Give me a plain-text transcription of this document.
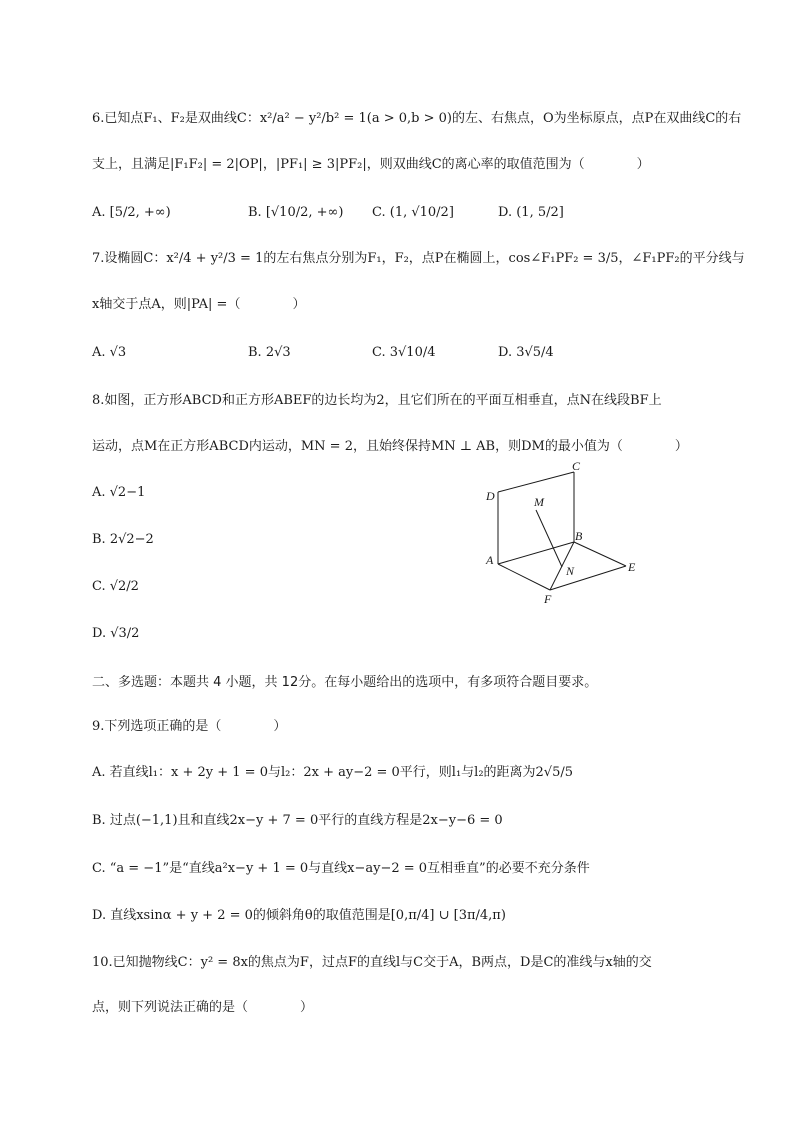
6.已知点F₁、F₂是双曲线C：x²/a² − y²/b² = 1(a > 0,b > 0)的左、右焦点，O为坐标原点，点P在双曲线C的右
支上，且满足|F₁F₂| = 2|OP|，|PF₁| ≥ 3|PF₂|，则双曲线C的离心率的取值范围为（　　　　）
A. [5/2, +∞)	B. [√10/2, +∞) C. (1, √10/2]	D. (1, 5/2]
7.设椭圆C：x²/4 + y²/3 = 1的左右焦点分别为F₁，F₂，点P在椭圆上，cos∠F₁PF₂ = 3/5，∠F₁PF₂的平分线与
x轴交于点A，则|PA| =（　　　　）
A. √3	B. 2√3	C. 3√10/4	D. 3√5/4
8.如图，正方形ABCD和正方形ABEF的边长均为2，且它们所在的平面互相垂直，点N在线段BF上
运动，点M在正方形ABCD内运动，MN = 2，且始终保持MN ⊥ AB，则DM的最小值为（　　　　）
A. √2−1
B. 2√2−2
C. √2/2
D. √3/2
C
D	M
B
A
N	E
F
二、多选题：本题共 4 小题，共 12分。在每小题给出的选项中，有多项符合题目要求。
9.下列选项正确的是（　　　　）
A. 若直线l₁：x + 2y + 1 = 0与l₂：2x + ay−2 = 0平行，则l₁与l₂的距离为2√5/5
B. 过点(−1,1)且和直线2x−y + 7 = 0平行的直线方程是2x−y−6 = 0
C. “a = −1”是“直线a²x−y + 1 = 0与直线x−ay−2 = 0互相垂直”的必要不充分条件
D. 直线xsinα + y + 2 = 0的倾斜角θ的取值范围是[0,π/4] ∪ [3π/4,π)
10.已知抛物线C：y² = 8x的焦点为F，过点F的直线l与C交于A，B两点，D是C的准线与x轴的交
点，则下列说法正确的是（　　　　）
